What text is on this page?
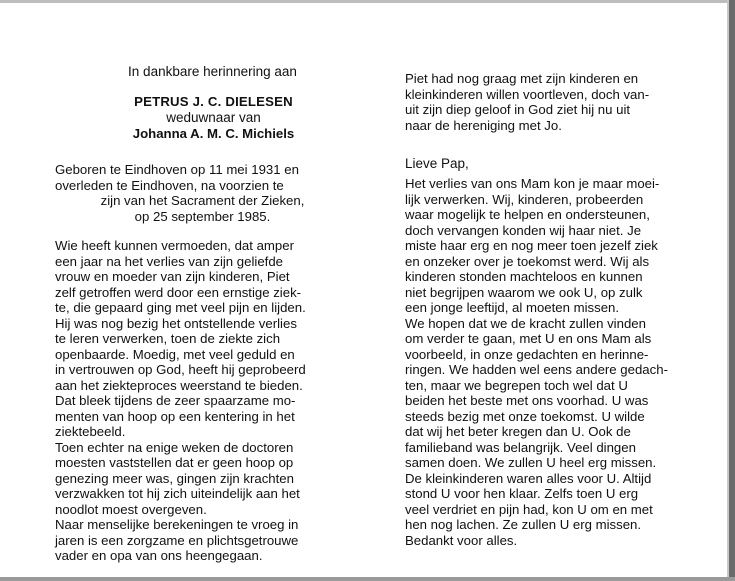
In dankbare herinnering aan
PETRUS J. C. DIELESEN
weduwnaar van
Johanna A. M. C. Michiels
Geboren te Eindhoven op 11 mei 1931 en
overleden te Eindhoven, na voorzien te
zijn van het Sacrament der Zieken,
op 25 september 1985.
Wie heeft kunnen vermoeden, dat amper
een jaar na het verlies van zijn geliefde
vrouw en moeder van zijn kinderen, Piet
zelf getroffen werd door een ernstige ziek-
te, die gepaard ging met veel pijn en lijden.
Hij was nog bezig het ontstellende verlies
te leren verwerken, toen de ziekte zich
openbaarde. Moedig, met veel geduld en
in vertrouwen op God, heeft hij geprobeerd
aan het ziekteproces weerstand te bieden.
Dat bleek tijdens de zeer spaarzame mo-
menten van hoop op een kentering in het
ziektebeeld.
Toen echter na enige weken de doctoren
moesten vaststellen dat er geen hoop op
genezing meer was, gingen zijn krachten
verzwakken tot hij zich uiteindelijk aan het
noodlot moest overgeven.
Naar menselijke berekeningen te vroeg in
jaren is een zorgzame en plichtsgetrouwe
vader en opa van ons heengegaan.
Piet had nog graag met zijn kinderen en
kleinkinderen willen voortleven, doch van-
uit zijn diep geloof in God ziet hij nu uit
naar de hereniging met Jo.
Lieve Pap,
Het verlies van ons Mam kon je maar moei-
lijk verwerken. Wij, kinderen, probeerden
waar mogelijk te helpen en ondersteunen,
doch vervangen konden wij haar niet. Je
miste haar erg en nog meer toen jezelf ziek
en onzeker over je toekomst werd. Wij als
kinderen stonden machteloos en kunnen
niet begrijpen waarom we ook U, op zulk
een jonge leeftijd, al moeten missen.
We hopen dat we de kracht zullen vinden
om verder te gaan, met U en ons Mam als
voorbeeld, in onze gedachten en herinne-
ringen. We hadden wel eens andere gedach-
ten, maar we begrepen toch wel dat U
beiden het beste met ons voorhad. U was
steeds bezig met onze toekomst. U wilde
dat wij het beter kregen dan U. Ook de
familieband was belangrijk. Veel dingen
samen doen. We zullen U heel erg missen.
De kleinkinderen waren alles voor U. Altijd
stond U voor hen klaar. Zelfs toen U erg
veel verdriet en pijn had, kon U om en met
hen nog lachen. Ze zullen U erg missen.
Bedankt voor alles.
